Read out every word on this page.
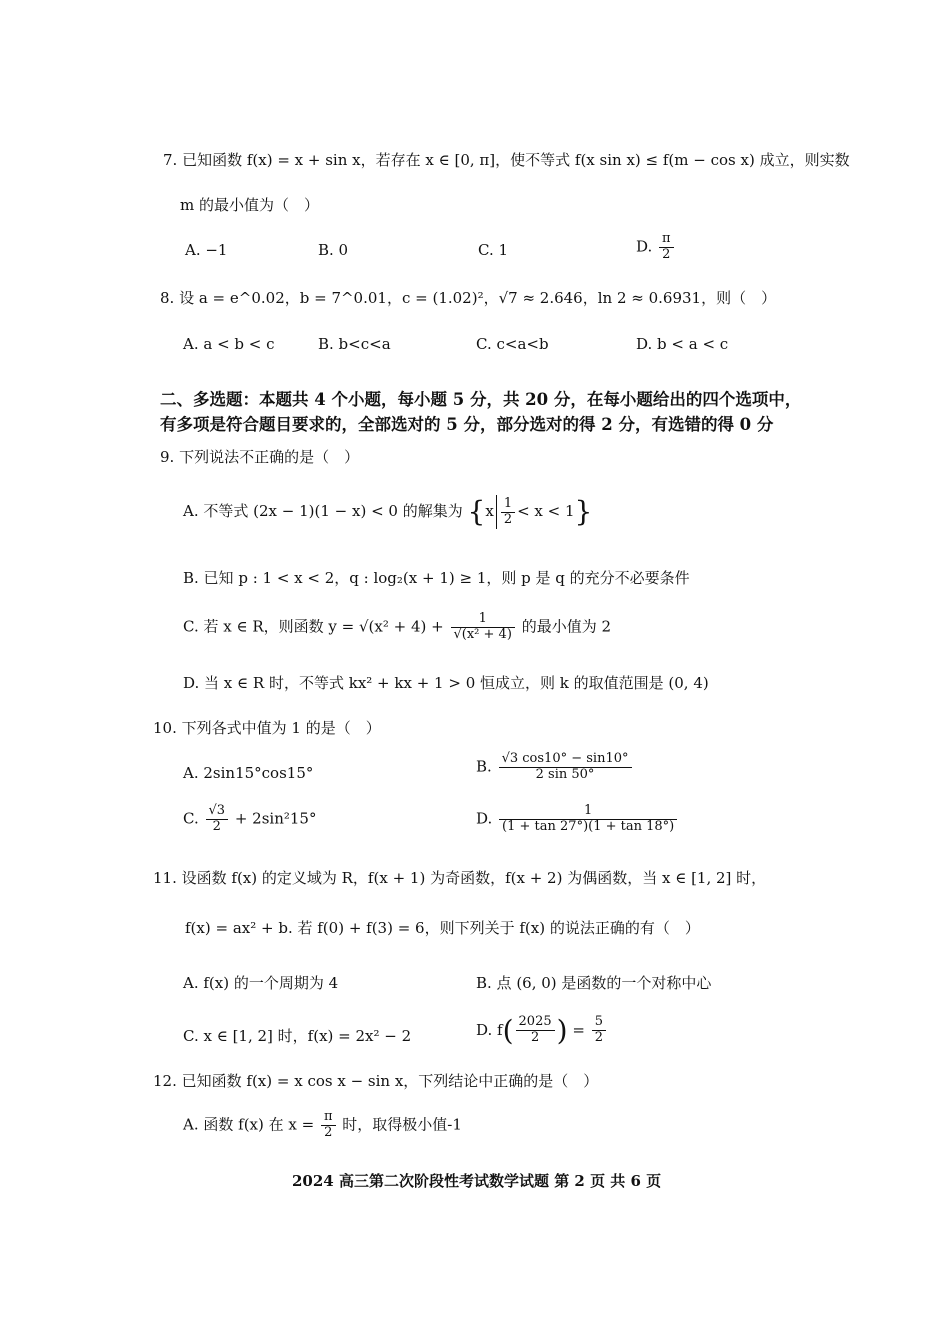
7. 已知函数 f(x) = x + sin x，若存在 x ∈ [0, π]，使不等式 f(x sin x) ≤ f(m − cos x) 成立，则实数
m 的最小值为（　）
A. −1	B. 0	C. 1	D. $\frac{\pi}{2}$
8. 设 a = e^0.02，b = 7^0.01，c = (1.02)²，√7 ≈ 2.646，ln 2 ≈ 0.6931，则（　）
A. a < b < c	B. b<c<a	C. c<a<b	D. b < a < c
二、多选题：本题共 4 个小题，每小题 5 分，共 20 分，在每小题给出的四个选项中，
有多项是符合题目要求的，全部选对的 5 分，部分选对的得 2 分，有选错的得 0 分
9. 下列说法不正确的是（　）
A. 不等式 (2x − 1)(1 − x) < 0 的解集为 $\{x \frac{1}{2} < x < 1\}$
B. 已知 p : 1 < x < 2，q : log₂(x + 1) ≥ 1，则 p 是 q 的充分不必要条件
C. 若 x ∈ R，则函数 $y = √(x^2 + 4) + \frac{1}{\text{√(x² + 4)}}$ 的最小值为 2
D. 当 x ∈ R 时，不等式 kx² + kx + 1 > 0 恒成立，则 k 的取值范围是 (0, 4)
10. 下列各式中值为 1 的是（　）
A. 2sin15°cos15°	B. $\frac{√3 \cos 10^\circ - \sin 10^\circ}{2 \sin 50^\circ}$
C. $\frac{√3}{2} + 2\sin^215^\circ$	D. $\frac{1}{(1 + \tan 27^\circ)(1 + \tan 18^\circ)}$
11. 设函数 f(x) 的定义域为 R，f(x + 1) 为奇函数，f(x + 2) 为偶函数，当 x ∈ [1, 2] 时，
f(x) = ax² + b. 若 f(0) + f(3) = 6，则下列关于 f(x) 的说法正确的有（　）
A. f(x) 的一个周期为 4	B. 点 (6, 0) 是函数的一个对称中心
C. x ∈ [1, 2] 时，f(x) = 2x² − 2	D. $f( \frac{2025}{2}$ ) = $\frac{5}{2}$
12. 已知函数 f(x) = x cos x − sin x，下列结论中正确的是（　）
A. 函数 f(x) 在 $x = \frac{\pi}{2}$ 时，取得极小值-1
2024 高三第二次阶段性考试数学试题 第 2 页 共 6 页
